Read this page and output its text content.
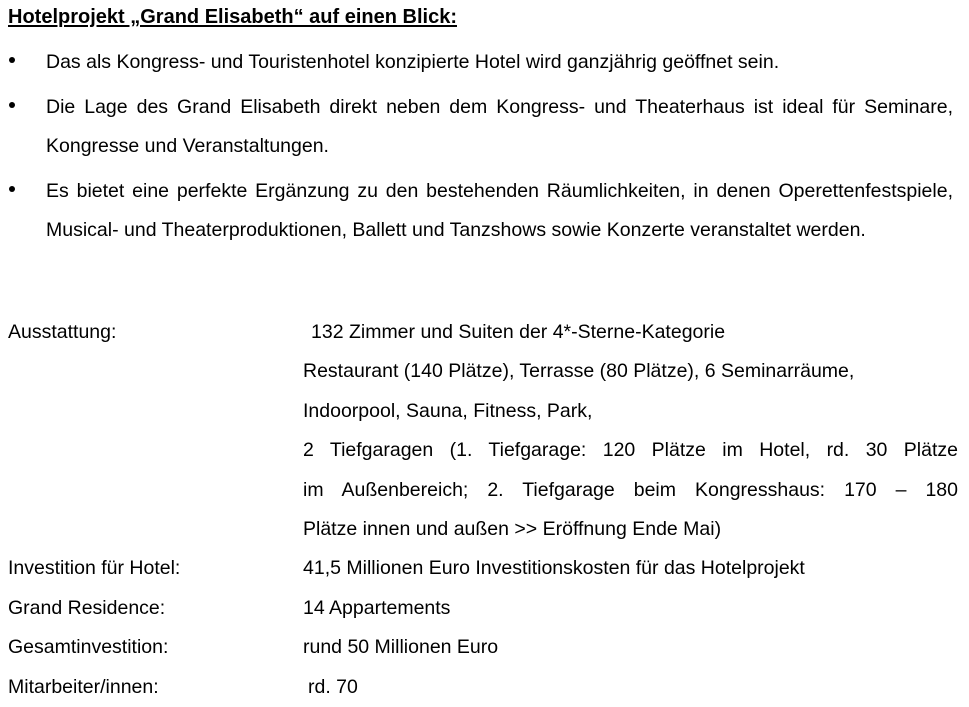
Hotelprojekt „Grand Elisabeth“ auf einen Blick:
Das als Kongress- und Touristenhotel konzipierte Hotel wird ganzjährig geöffnet sein.
Die Lage des Grand Elisabeth direkt neben dem Kongress- und Theaterhaus ist ideal für Seminare, Kongresse und Veranstaltungen.
Es bietet eine perfekte Ergänzung zu den bestehenden Räumlichkeiten, in denen Operettenfestspiele, Musical- und Theaterproduktionen, Ballett und Tanzshows sowie Konzerte veranstaltet werden.
Ausstattung:	132 Zimmer und Suiten der 4*-Sterne-Kategorie
Restaurant (140 Plätze), Terrasse (80 Plätze), 6 Seminarräume,
Indoorpool, Sauna, Fitness, Park,
2 Tiefgaragen (1. Tiefgarage: 120 Plätze im Hotel, rd. 30 Plätze
im Außenbereich; 2. Tiefgarage beim Kongresshaus: 170 – 180
Plätze innen und außen >> Eröffnung Ende Mai)
Investition für Hotel:	41,5 Millionen Euro Investitionskosten für das Hotelprojekt
Grand Residence:	14 Appartements
Gesamtinvestition:	rund 50 Millionen Euro
Mitarbeiter/innen:	rd. 70
